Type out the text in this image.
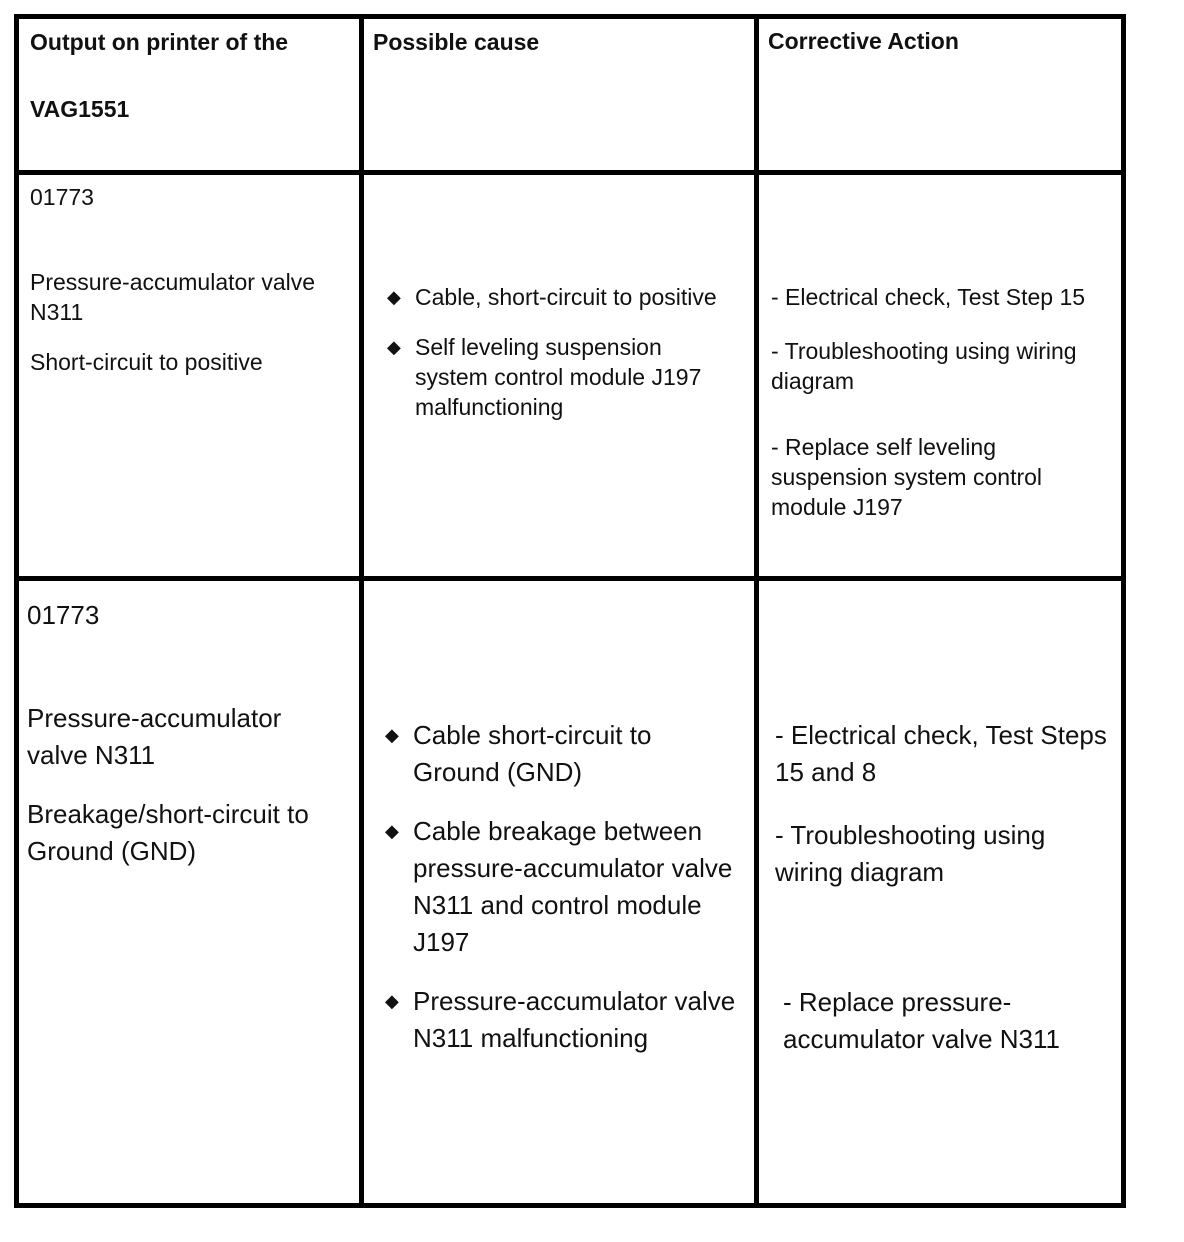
Output on printer of the

VAG1551

Possible cause	Corrective Action

01773

Pressure-accumulator valve N311

Short-circuit to positive

◆ Cable, short-circuit to positive
◆ Self leveling suspension system control module J197 malfunctioning

- Electrical check, Test Step 15

- Troubleshooting using wiring diagram

- Replace self leveling suspension system control module J197

01773

Pressure-accumulator valve N311

Breakage/short-circuit to Ground (GND)

◆ Cable short-circuit to Ground (GND)
◆ Cable breakage between pressure-accumulator valve N311 and control module J197
◆ Pressure-accumulator valve N311 malfunctioning

- Electrical check, Test Steps 15 and 8

- Troubleshooting using wiring diagram

- Replace pressure-accumulator valve N311
